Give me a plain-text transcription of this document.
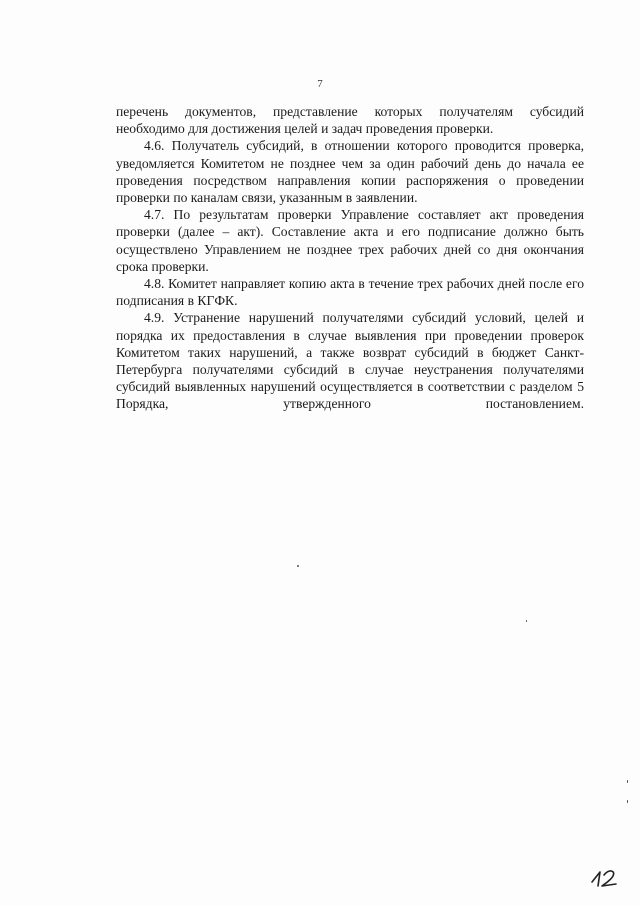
7

перечень документов, представление которых получателям субсидий необходимо для достижения целей и задач проведения проверки.

4.6. Получатель субсидий, в отношении которого проводится проверка, уведомляется Комитетом не позднее чем за один рабочий день до начала ее проведения посредством направления копии распоряжения о проведении проверки по каналам связи, указанным в заявлении.

4.7. По результатам проверки Управление составляет акт проведения проверки (далее – акт). Составление акта и его подписание должно быть осуществлено Управлением не позднее трех рабочих дней со дня окончания срока проверки.

4.8. Комитет направляет копию акта в течение трех рабочих дней после его подписания в КГФК.

4.9. Устранение нарушений получателями субсидий условий, целей и порядка их предоставления в случае выявления при проведении проверок Комитетом таких нарушений, а также возврат субсидий в бюджет Санкт-Петербурга получателями субсидий в случае неустранения получателями субсидий выявленных нарушений осуществляется в соответствии с разделом 5 Порядка, утвержденного постановлением.
